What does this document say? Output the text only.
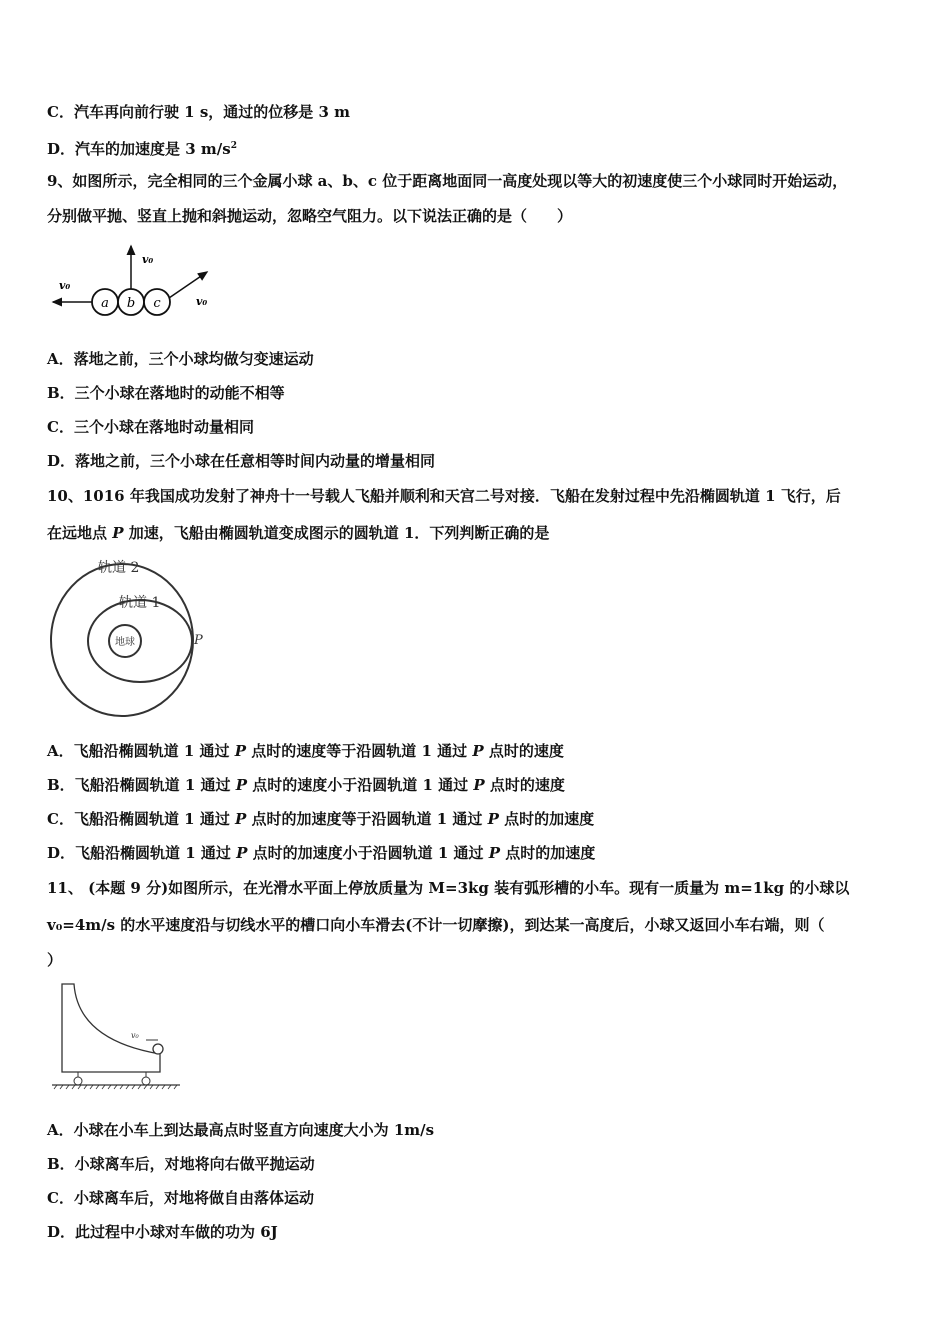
C．汽车再向前行驶 1 s，通过的位移是 3 m
D．汽车的加速度是 3 $m/s^2$
9、如图所示，完全相同的三个金属小球 a、b、c 位于距离地面同一高度处现以等大的初速度使三个小球同时开始运动，
分别做平抛、竖直上抛和斜抛运动，忽略空气阻力。以下说法正确的是（　　）
a b c
v₀
v₀
v₀
A．落地之前，三个小球均做匀变速运动
B．三个小球在落地时的动能不相等
C．三个小球在落地时动量相同
D．落地之前，三个小球在任意相等时间内动量的增量相同
10、1016 年我国成功发射了神舟十一号载人飞船并顺利和天宫二号对接．飞船在发射过程中先沿椭圆轨道 1 飞行，后
在远地点 P 加速，飞船由椭圆轨道变成图示的圆轨道 1．下列判断正确的是
轨道 2
轨道 1
地球	P
A．飞船沿椭圆轨道 1 通过 P 点时的速度等于沿圆轨道 1 通过 P 点时的速度
B．飞船沿椭圆轨道 1 通过 P 点时的速度小于沿圆轨道 1 通过 P 点时的速度
C．飞船沿椭圆轨道 1 通过 P 点时的加速度等于沿圆轨道 1 通过 P 点时的加速度
D．飞船沿椭圆轨道 1 通过 P 点时的加速度小于沿圆轨道 1 通过 P 点时的加速度
11、 (本题 9 分)如图所示，在光滑水平面上停放质量为 M=3kg 装有弧形槽的小车。现有一质量为 m=1kg 的小球以
v₀=4m/s 的水平速度沿与切线水平的槽口向小车滑去(不计一切摩擦)，到达某一高度后，小球又返回小车右端，则（
）
v₀
A．小球在小车上到达最高点时竖直方向速度大小为 1m/s
B．小球离车后，对地将向右做平抛运动
C．小球离车后，对地将做自由落体运动
D．此过程中小球对车做的功为 6J
